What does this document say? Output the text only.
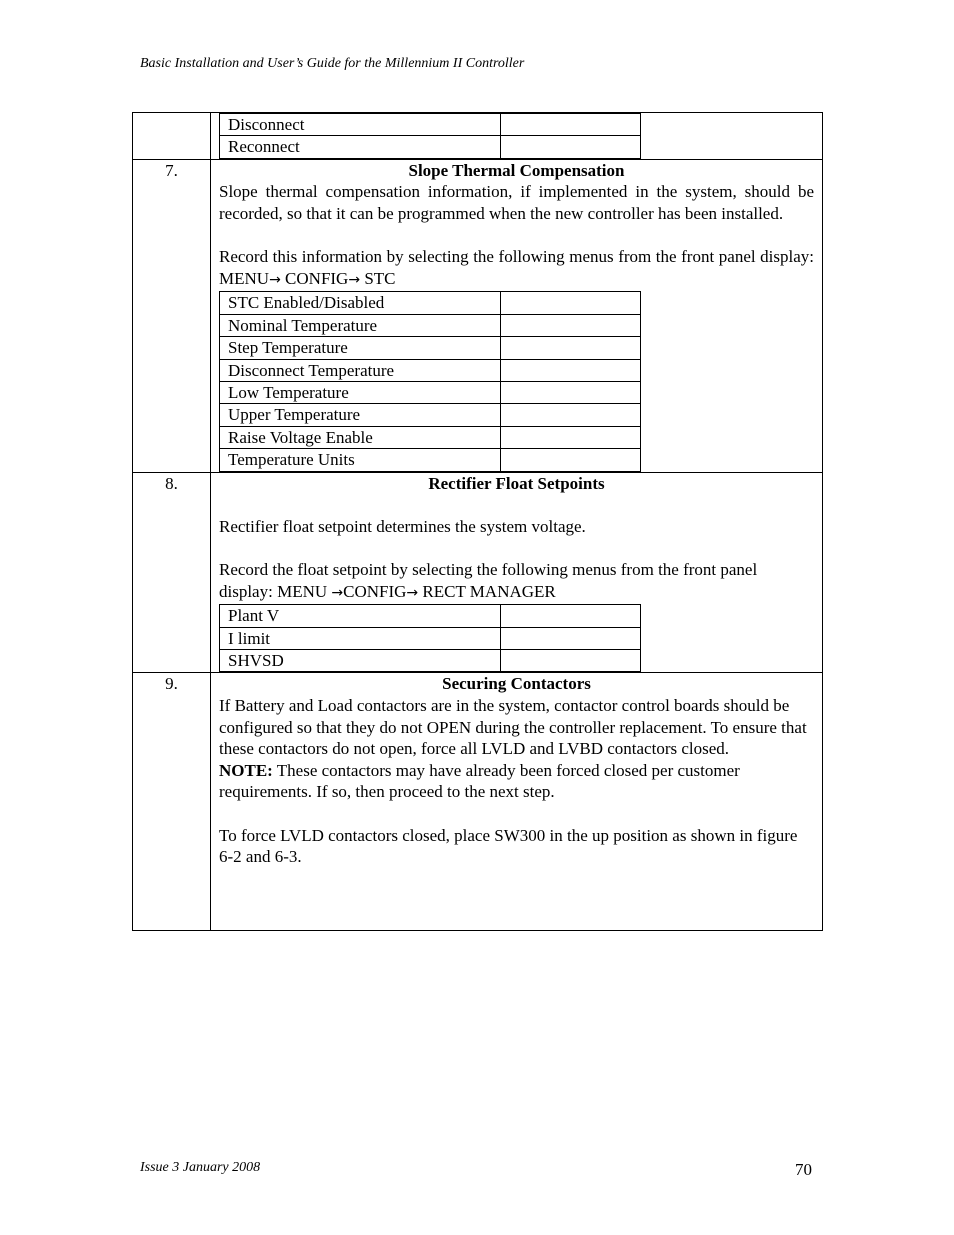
Basic Installation and User’s Guide for the Millennium II Controller

Disconnect	
Reconnect	

7.	Slope Thermal Compensation

Slope thermal compensation information, if implemented in the system, should be recorded, so that it can be programmed when the new controller has been installed.

Record this information by selecting the following menus from the front panel display: MENU→ CONFIG→ STC

STC Enabled/Disabled	
Nominal Temperature	
Step Temperature	
Disconnect Temperature	
Low Temperature	
Upper Temperature	
Raise Voltage Enable	
Temperature Units	

8.	Rectifier Float Setpoints

Rectifier float setpoint determines the system voltage.

Record the float setpoint by selecting the following menus from the front panel display: MENU →CONFIG→ RECT MANAGER

Plant V	
I limit	
SHVSD	

9.	Securing Contactors

If Battery and Load contactors are in the system, contactor control boards should be configured so that they do not OPEN during the controller replacement. To ensure that these contactors do not open, force all LVLD and LVBD contactors closed.

NOTE: These contactors may have already been forced closed per customer requirements. If so, then proceed to the next step.

To force LVLD contactors closed, place SW300 in the up position as shown in figure 6-2 and 6-3.

Issue 3 January 2008	70
